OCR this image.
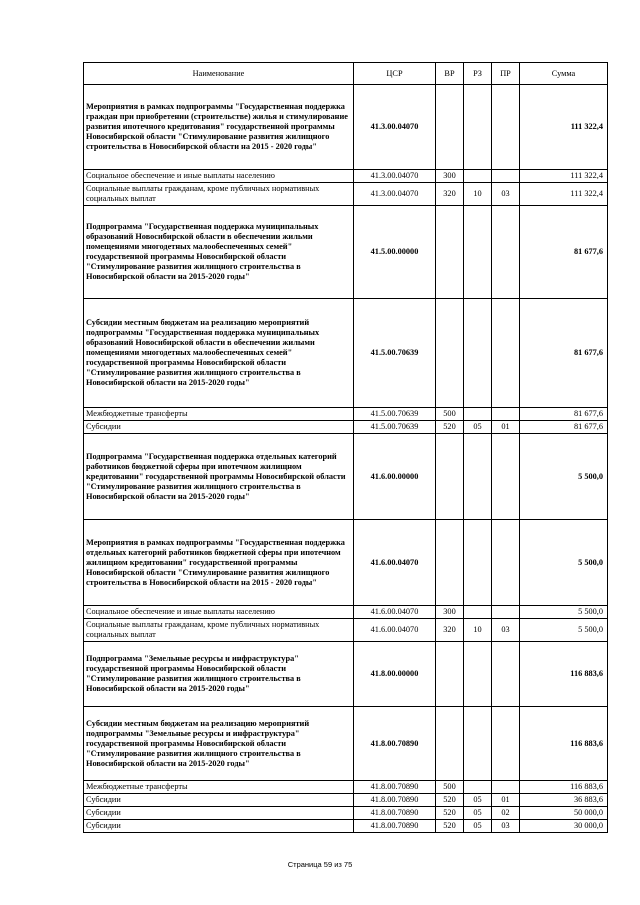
Наименование	ЦСР	ВР	РЗ	ПР	Сумма
Мероприятия в рамках подпрограммы "Государственная поддержка граждан при приобретении (строительстве) жилья и стимулирование развития ипотечного кредитования" государственной программы Новосибирской области "Стимулирование развития жилищного строительства в Новосибирской области на 2015 - 2020 годы"	41.3.00.04070				111 322,4
Социальное обеспечение и иные выплаты населению	41.3.00.04070	300			111 322,4
Социальные выплаты гражданам, кроме публичных нормативных социальных выплат	41.3.00.04070	320	10	03	111 322,4
Подпрограмма "Государственная поддержка муниципальных образований Новосибирской области в обеспечении жильми помещениями многодетных малообеспеченных семей" государственной программы Новосибирской области "Стимулирование развития жилищного строительства в Новосибирской области на 2015-2020 годы"	41.5.00.00000				81 677,6
Субсидии местным бюджетам на реализацию мероприятий подпрограммы "Государственная поддержка муниципальных образований Новосибирской области в обеспечении жилыми помещениями многодетных малообеспеченных семей" государственной программы Новосибирской области "Стимулирование развития жилищного строительства в Новосибирской области на 2015-2020 годы"	41.5.00.70639				81 677,6
Межбюджетные трансферты	41.5.00.70639	500			81 677,6
Субсидии	41.5.00.70639	520	05	01	81 677,6
Подпрограмма "Государственная поддержка отдельных категорий работников бюджетной сферы при ипотечном жилищном кредитовании" государственной программы Новосибирской области "Стимулирование развития жилищного строительства в Новосибирской области на 2015-2020 годы"	41.6.00.00000				5 500,0
Мероприятия в рамках подпрограммы "Государственная поддержка отдельных категорий работников бюджетной сферы при ипотечном жилищном кредитовании" государственной программы Новосибирской области "Стимулирование развития жилищного строительства в Новосибирской области на 2015 - 2020 годы"	41.6.00.04070				5 500,0
Социальное обеспечение и иные выплаты населению	41.6.00.04070	300			5 500,0
Социальные выплаты гражданам, кроме публичных нормативных социальных выплат	41.6.00.04070	320	10	03	5 500,0
Подпрограмма "Земельные ресурсы и инфраструктура" государственной программы Новосибирской области "Стимулирование развития жилищного строительства в Новосибирской области на 2015-2020 годы"	41.8.00.00000				116 883,6
Субсидии местным бюджетам на реализацию мероприятий подпрограммы "Земельные ресурсы и инфраструктура" государственной программы Новосибирской области "Стимулирование развития жилищного строительства в Новосибирской области на 2015-2020 годы"	41.8.00.70890				116 883,6
Межбюджетные трансферты	41.8.00.70890	500			116 883,6
Субсидии	41.8.00.70890	520	05	01	36 883,6
Субсидии	41.8.00.70890	520	05	02	50 000,0
Субсидии	41.8.00.70890	520	05	03	30 000,0
Страница 59 из 75
